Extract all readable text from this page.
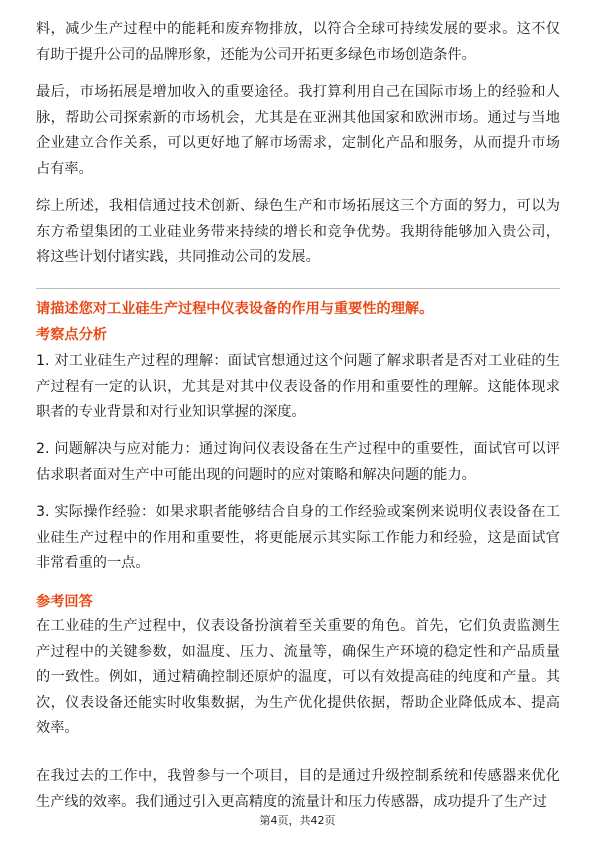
料，减少生产过程中的能耗和废弃物排放，以符合全球可持续发展的要求。这不仅有助于提升公司的品牌形象，还能为公司开拓更多绿色市场创造条件。

最后，市场拓展是增加收入的重要途径。我打算利用自己在国际市场上的经验和人脉，帮助公司探索新的市场机会，尤其是在亚洲其他国家和欧洲市场。通过与当地企业建立合作关系，可以更好地了解市场需求，定制化产品和服务，从而提升市场占有率。

综上所述，我相信通过技术创新、绿色生产和市场拓展这三个方面的努力，可以为东方希望集团的工业硅业务带来持续的增长和竞争优势。我期待能够加入贵公司，将这些计划付诸实践，共同推动公司的发展。

请描述您对工业硅生产过程中仪表设备的作用与重要性的理解。

考察点分析

1. 对工业硅生产过程的理解：面试官想通过这个问题了解求职者是否对工业硅的生产过程有一定的认识，尤其是对其中仪表设备的作用和重要性的理解。这能体现求职者的专业背景和对行业知识掌握的深度。

2. 问题解决与应对能力：通过询问仪表设备在生产过程中的重要性，面试官可以评估求职者面对生产中可能出现的问题时的应对策略和解决问题的能力。

3. 实际操作经验：如果求职者能够结合自身的工作经验或案例来说明仪表设备在工业硅生产过程中的作用和重要性，将更能展示其实际工作能力和经验，这是面试官非常看重的一点。

参考回答

在工业硅的生产过程中，仪表设备扮演着至关重要的角色。首先，它们负责监测生产过程中的关键参数，如温度、压力、流量等，确保生产环境的稳定性和产品质量的一致性。例如，通过精确控制还原炉的温度，可以有效提高硅的纯度和产量。其次，仪表设备还能实时收集数据，为生产优化提供依据，帮助企业降低成本、提高效率。

在我过去的工作中，我曾参与一个项目，目的是通过升级控制系统和传感器来优化生产线的效率。我们通过引入更高精度的流量计和压力传感器，成功提升了生产过

第4页，共42页
